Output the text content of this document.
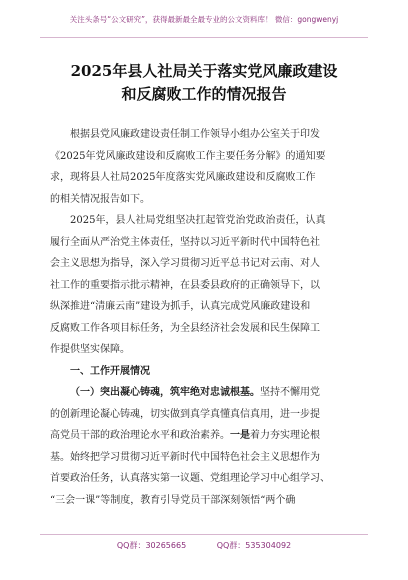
关注头条号“公文研究”，获得最新最全最专业的公文资料库！ 微信：gongwenyj
2025年县人社局关于落实党风廉政建设
和反腐败工作的情况报告
根据县党风廉政建设责任制工作领导小组办公室关于印发
《2025年党风廉政建设和反腐败工作主要任务分解》的通知要
求，现将县人社局2025年度落实党风廉政建设和反腐败工作
的相关情况报告如下。
2025年，县人社局党组坚决扛起管党治党政治责任，认真
履行全面从严治党主体责任，坚持以习近平新时代中国特色社
会主义思想为指导，深入学习贯彻习近平总书记对云南、对人
社工作的重要指示批示精神，在县委县政府的正确领导下，以
纵深推进“清廉云南”建设为抓手，认真完成党风廉政建设和
反腐败工作各项目标任务，为全县经济社会发展和民生保障工
作提供坚实保障。
一、工作开展情况
（一）突出凝心铸魂，筑牢绝对忠诚根基。坚持不懈用党
的创新理论凝心铸魂，切实做到真学真懂真信真用，进一步提
高党员干部的政治理论水平和政治素养。一是着力夯实理论根
基。始终把学习贯彻习近平新时代中国特色社会主义思想作为
首要政治任务，认真落实第一议题、党组理论学习中心组学习、
“三会一课”等制度，教育引导党员干部深刻领悟“两个确
QQ群：30265665	QQ群：535304092
